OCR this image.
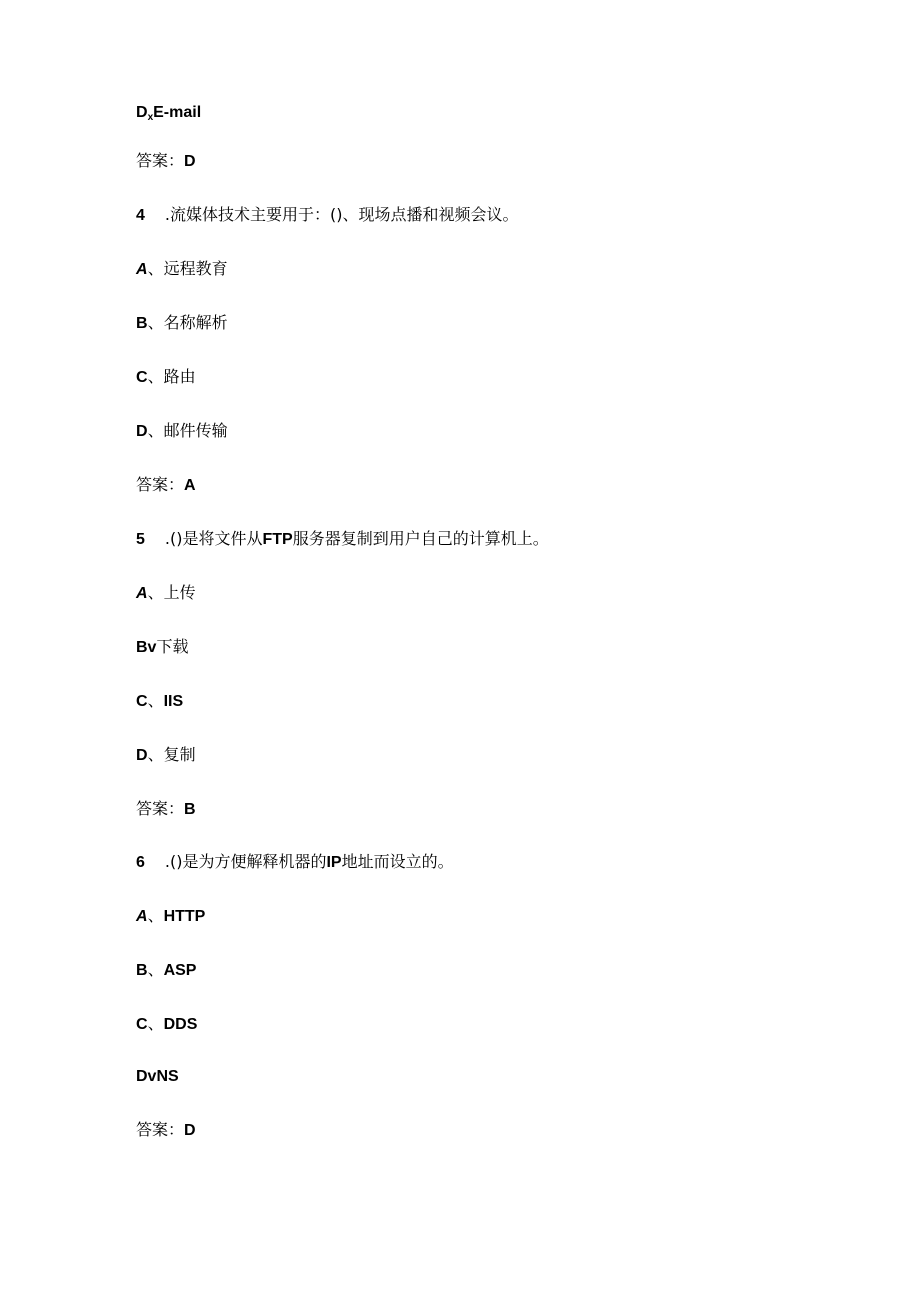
$D_xE$-mail
答案：D
4 .流媒体技术主要用于：()、现场点播和视频会议。
A、远程教育
B、名称解析
C、路由
D、邮件传输
答案：A
5 .()是将文件从FTP服务器复制到用户自己的计算机上。
A、上传
Bv下载
C、IIS
D、复制
答案：B
6 .()是为方便解释机器的IP地址而设立的。
A、HTTP
B、ASP
C、DDS
DvNS
答案：D
